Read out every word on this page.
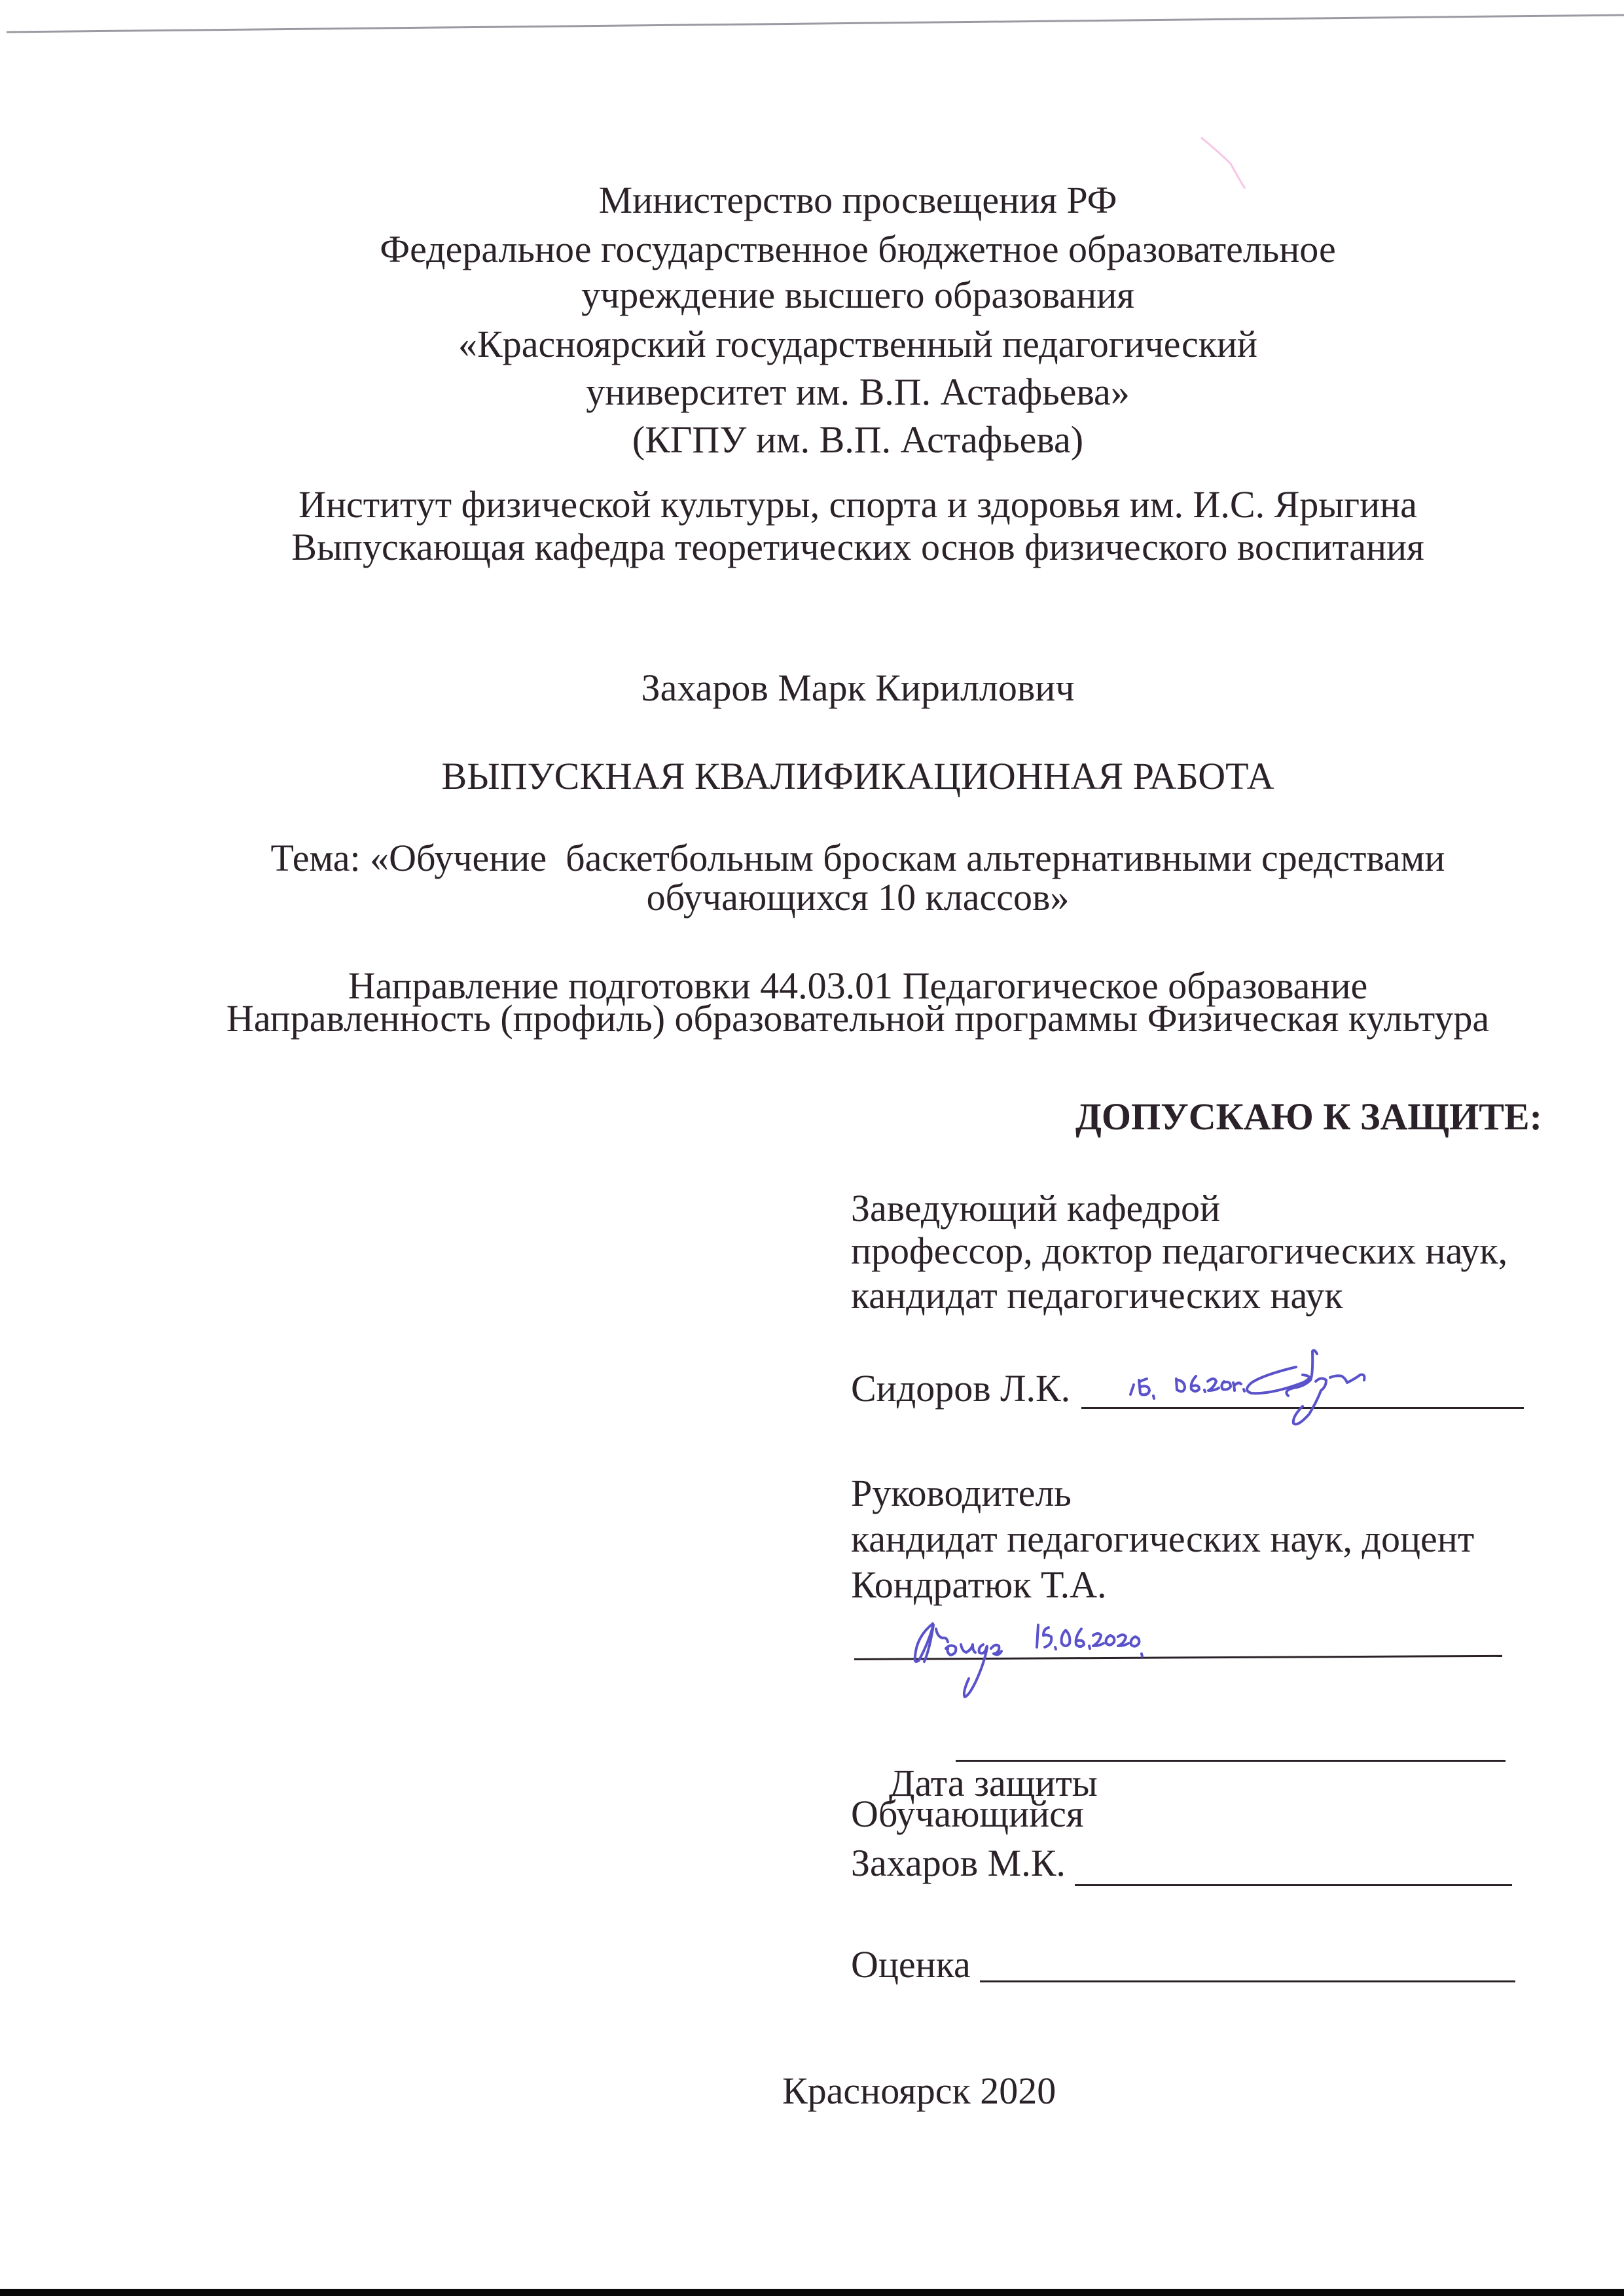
Министерство просвещения РФ
Федеральное государственное бюджетное образовательное
учреждение высшего образования
«Красноярский государственный педагогический
университет им. В.П. Астафьева»
(КГПУ им. В.П. Астафьева)
Институт физической культуры, спорта и здоровья им. И.С. Ярыгина
Выпускающая кафедра теоретических основ физического воспитания
Захаров Марк Кириллович
ВЫПУСКНАЯ КВАЛИФИКАЦИОННАЯ РАБОТА
Тема: «Обучение  баскетбольным броскам альтернативными средствами
обучающихся 10 классов»
Направление подготовки 44.03.01 Педагогическое образование
Направленность (профиль) образовательной программы Физическая культура
ДОПУСКАЮ К ЗАЩИТЕ:
Заведующий кафедрой
профессор, доктор педагогических наук,
кандидат педагогических наук
Сидоров Л.К.
Руководитель
кандидат педагогических наук, доцент
Кондратюк Т.А.

Дата защиты

Обучающийся
Захаров М.К.
Оценка
Красноярск 2020
